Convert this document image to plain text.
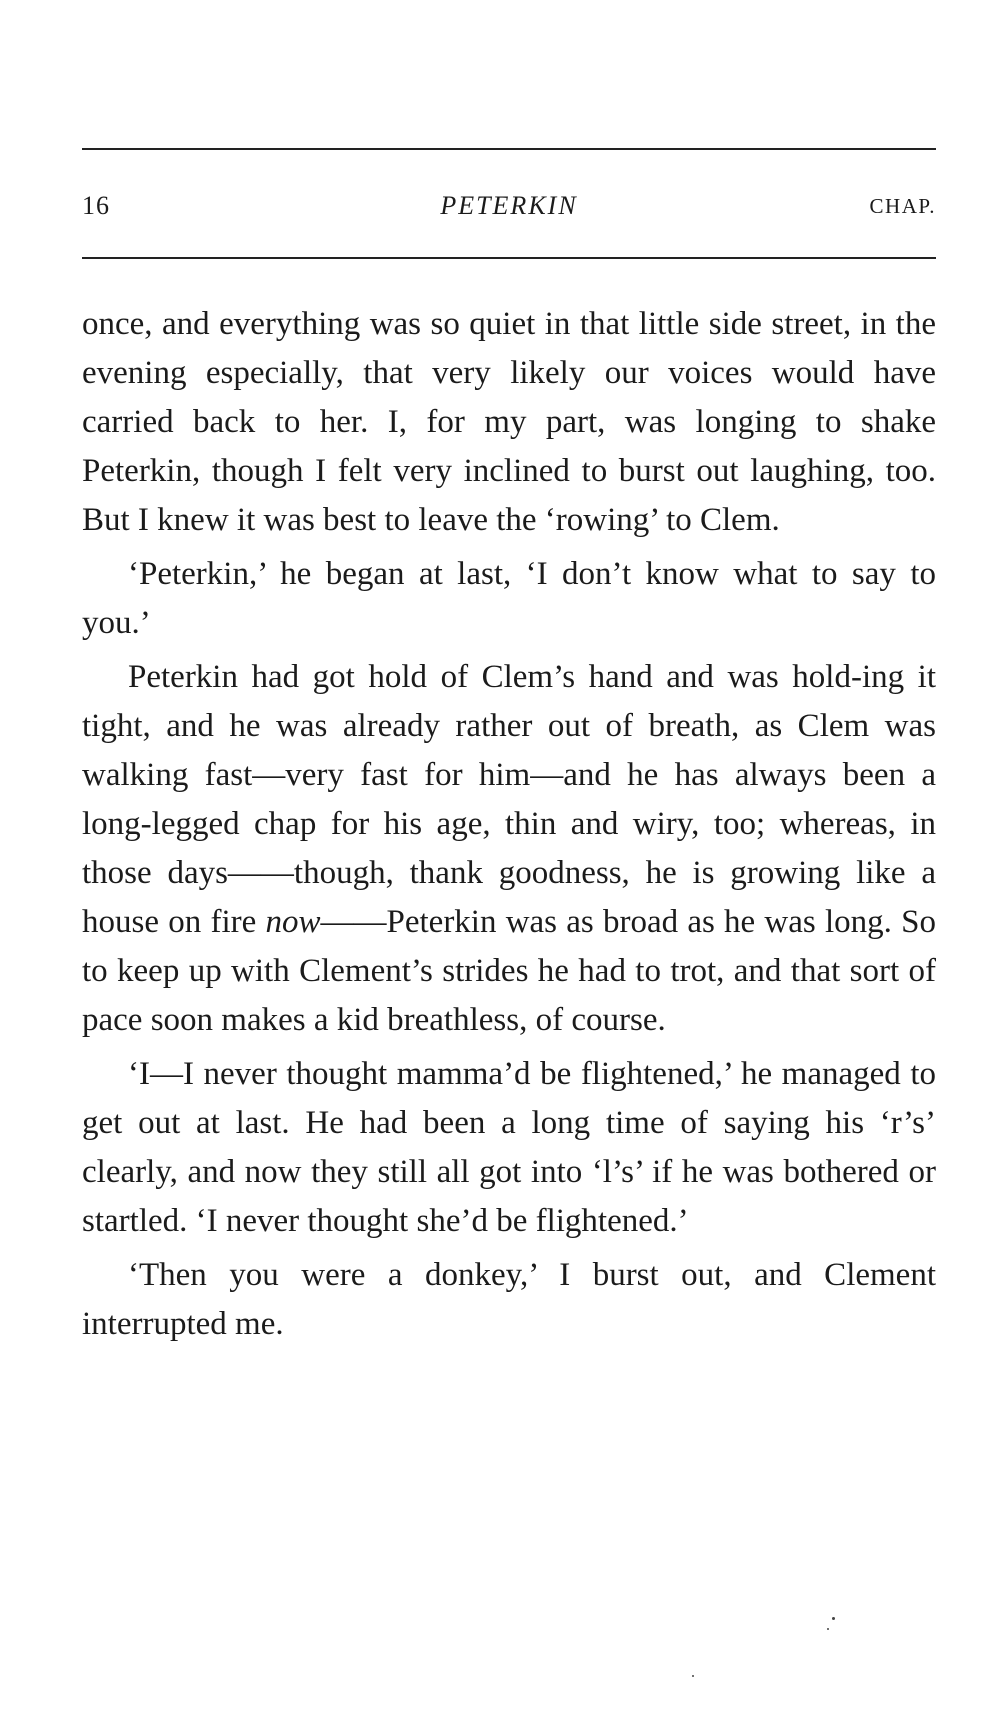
16	PETERKIN	CHAP.

once, and everything was so quiet in that little side street, in the evening especially, that very likely our voices would have carried back to her. I, for my part, was longing to shake Peterkin, though I felt very inclined to burst out laughing, too. But I knew it was best to leave the ‘rowing’ to Clem.

‘Peterkin,’ he began at last, ‘I don’t know what to say to you.’

Peterkin had got hold of Clem’s hand and was hold-ing it tight, and he was already rather out of breath, as Clem was walking fast—very fast for him—and he has always been a long-legged chap for his age, thin and wiry, too; whereas, in those days——though, thank goodness, he is growing like a house on fire now——Peterkin was as broad as he was long. So to keep up with Clement’s strides he had to trot, and that sort of pace soon makes a kid breathless, of course.

‘I—I never thought mamma’d be flightened,’ he managed to get out at last. He had been a long time of saying his ‘r’s’ clearly, and now they still all got into ‘l’s’ if he was bothered or startled. ‘I never thought she’d be flightened.’

‘Then you were a donkey,’ I burst out, and Clement interrupted me.
